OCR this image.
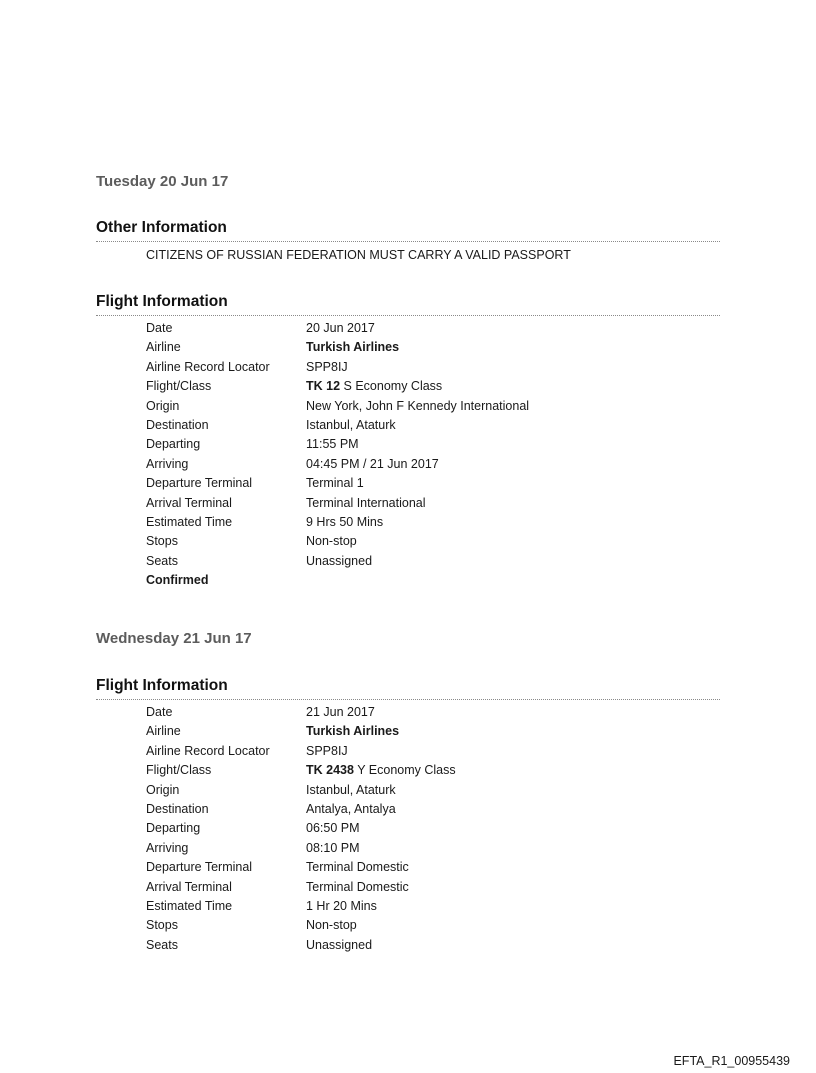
Tuesday 20 Jun 17
Other Information

CITIZENS OF RUSSIAN FEDERATION MUST CARRY A VALID PASSPORT

Flight Information
Date	20 Jun 2017
Airline	Turkish Airlines
Airline Record Locator	SPP8IJ
Flight/Class	TK 12 S Economy Class
Origin	New York, John F Kennedy International
Destination	Istanbul, Ataturk
Departing	11:55 PM
Arriving	04:45 PM / 21 Jun 2017
Departure Terminal	Terminal 1
Arrival Terminal	Terminal International
Estimated Time	9 Hrs 50 Mins
Stops	Non-stop
Seats	Unassigned

Confirmed

Wednesday 21 Jun 17
Flight Information
Date	21 Jun 2017
Airline	Turkish Airlines
Airline Record Locator	SPP8IJ
Flight/Class	TK 2438 Y Economy Class
Origin	Istanbul, Ataturk
Destination	Antalya, Antalya
Departing	06:50 PM
Arriving	08:10 PM
Departure Terminal	Terminal Domestic
Arrival Terminal	Terminal Domestic
Estimated Time	1 Hr 20 Mins
Stops	Non-stop
Seats	Unassigned

EFTA_R1_00955439
